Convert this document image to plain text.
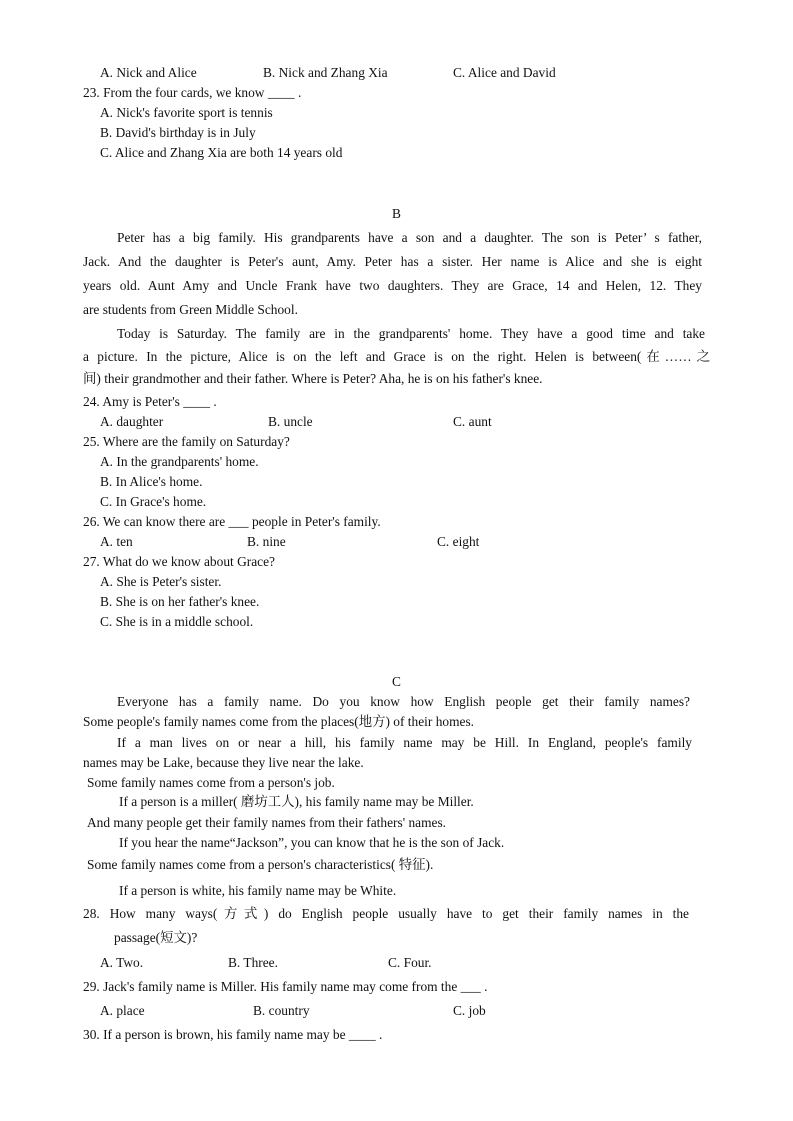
A. Nick and Alice	B. Nick and Zhang Xia	C. Alice and David
23. From the four cards, we know ____ .
A. Nick's favorite sport is tennis
B. David's birthday is in July
C. Alice and Zhang Xia are both 14 years old
B
Peter has a big family. His grandparents have a son and a daughter. The son is Peter’ s father,
Jack. And the daughter is Peter's aunt, Amy. Peter has a sister. Her name is Alice and she is eight
years old. Aunt Amy and Uncle Frank have two daughters. They are Grace, 14 and Helen, 12. They
are students from Green Middle School.
Today is Saturday. The family are in the grandparents' home. They have a good time and take
a picture. In the picture, Alice is on the left and Grace is on the right. Helen is between(在……之
间) their grandmother and their father. Where is Peter? Aha, he is on his father's knee.
24. Amy is Peter's ____ .
A. daughter	B. uncle	C. aunt
25. Where are the family on Saturday?
A. In the grandparents' home.
B. In Alice's home.
C. In Grace's home.
26. We can know there are ___ people in Peter's family.
A. ten	B. nine	C. eight
27. What do we know about Grace?
A. She is Peter's sister.
B. She is on her father's knee.
C. She is in a middle school.
C
Everyone has a family name. Do you know how English people get their family names?
Some people's family names come from the places(地方) of their homes.
If a man lives on or near a hill, his family name may be Hill. In England, people's family
names may be Lake, because they live near the lake.
Some family names come from a person's job.
If a person is a miller( 磨坊工人), his family name may be Miller.
And many people get their family names from their fathers' names.
If you hear the name“Jackson”, you can know that he is the son of Jack.
Some family names come from a person's characteristics( 特征).
If a person is white, his family name may be White.
28. How many ways(方式) do English people usually have to get their family names in the
passage(短文)?
A. Two.	B. Three.	C. Four.
29. Jack's family name is Miller. His family name may come from the ___ .
A. place	B. country	C. job
30. If a person is brown, his family name may be ____ .
